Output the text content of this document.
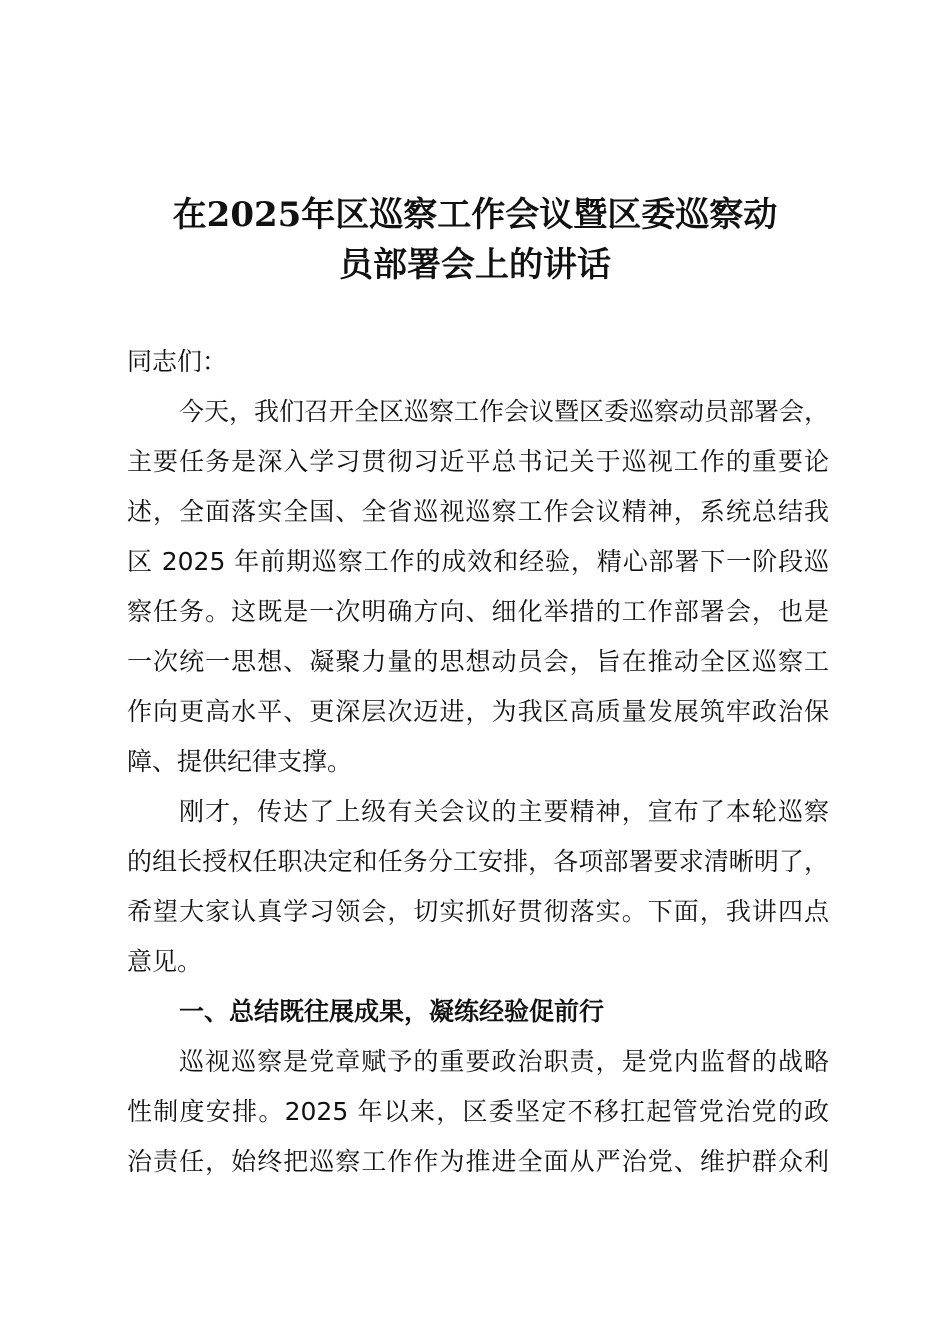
在2025年区巡察工作会议暨区委巡察动
员部署会上的讲话
同志们：
今天，我们召开全区巡察工作会议暨区委巡察动员部署会，
主要任务是深入学习贯彻习近平总书记关于巡视工作的重要论
述，全面落实全国、全省巡视巡察工作会议精神，系统总结我
区 2025 年前期巡察工作的成效和经验，精心部署下一阶段巡
察任务。这既是一次明确方向、细化举措的工作部署会，也是
一次统一思想、凝聚力量的思想动员会，旨在推动全区巡察工
作向更高水平、更深层次迈进，为我区高质量发展筑牢政治保
障、提供纪律支撑。
刚才，传达了上级有关会议的主要精神，宣布了本轮巡察
的组长授权任职决定和任务分工安排，各项部署要求清晰明了，
希望大家认真学习领会，切实抓好贯彻落实。下面，我讲四点
意见。
一、总结既往展成果，凝练经验促前行
巡视巡察是党章赋予的重要政治职责，是党内监督的战略
性制度安排。2025 年以来，区委坚定不移扛起管党治党的政
治责任，始终把巡察工作作为推进全面从严治党、维护群众利
